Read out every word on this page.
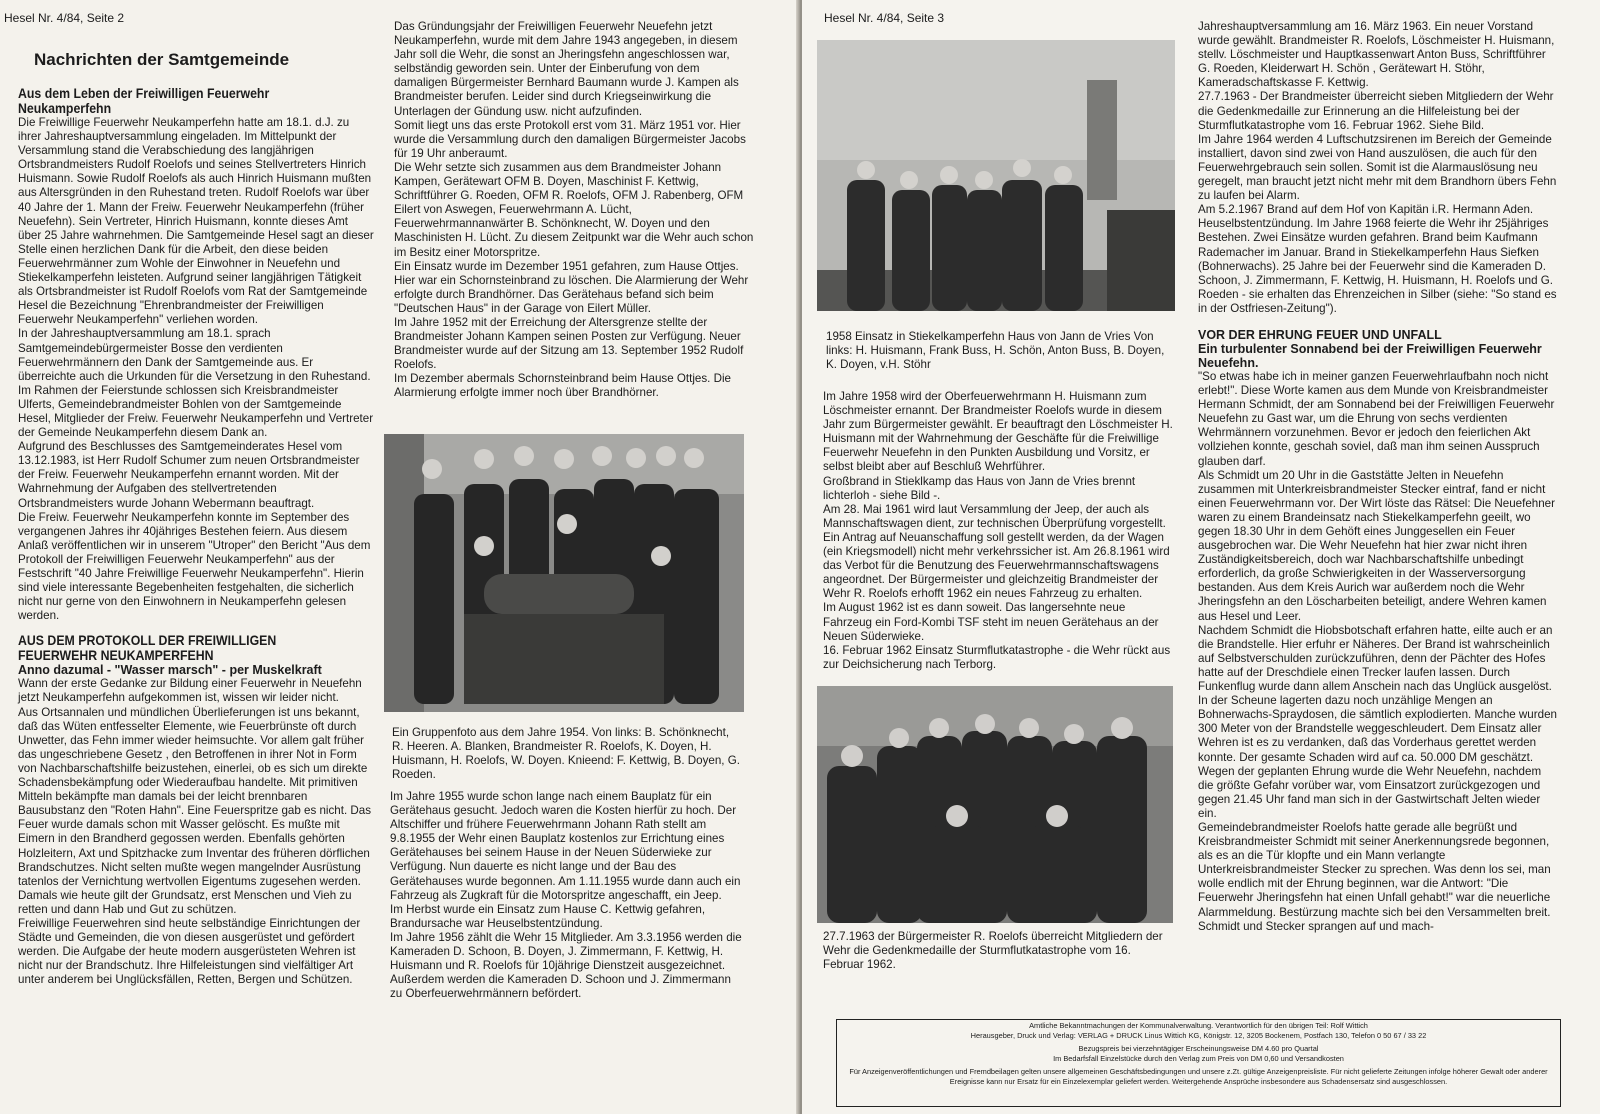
Hesel Nr. 4/84, Seite 2
Nachrichten der Samtgemeinde
Aus dem Leben der Freiwilligen Feuerwehr Neukamperfehn

Die Freiwillige Feuerwehr Neukamperfehn hatte am 18.1. d.J. zu ihrer Jahreshauptversammlung eingeladen. Im Mittelpunkt der Versammlung stand die Verabschiedung des langjährigen Ortsbrandmeisters Rudolf Roelofs und seines Stellvertreters Hinrich Huismann. Sowie Rudolf Roelofs als auch Hinrich Huismann mußten aus Altersgründen in den Ruhestand treten. Rudolf Roelofs war über 40 Jahre der 1. Mann der Freiw. Feuerwehr Neukamperfehn (früher Neuefehn). Sein Vertreter, Hinrich Huismann, konnte dieses Amt über 25 Jahre wahrnehmen. Die Samtgemeinde Hesel sagt an dieser Stelle einen herzlichen Dank für die Arbeit, den diese beiden Feuerwehrmänner zum Wohle der Einwohner in Neuefehn und Stiekelkamperfehn leisteten. Aufgrund seiner langjährigen Tätigkeit als Ortsbrandmeister ist Rudolf Roelofs vom Rat der Samtgemeinde Hesel die Bezeichnung "Ehrenbrandmeister der Freiwilligen Feuerwehr Neukamperfehn" verliehen worden.

In der Jahreshauptversammlung am 18.1. sprach Samtgemeindebürgermeister Bosse den verdienten Feuerwehrmännern den Dank der Samtgemeinde aus. Er überreichte auch die Urkunden für die Versetzung in den Ruhestand. Im Rahmen der Feierstunde schlossen sich Kreisbrandmeister Ulferts, Gemeindebrandmeister Bohlen von der Samtgemeinde Hesel, Mitglieder der Freiw. Feuerwehr Neukamperfehn und Vertreter der Gemeinde Neukamperfehn diesem Dank an.

Aufgrund des Beschlusses des Samtgemeinderates Hesel vom 13.12.1983, ist Herr Rudolf Schumer zum neuen Ortsbrandmeister der Freiw. Feuerwehr Neukamperfehn ernannt worden. Mit der Wahrnehmung der Aufgaben des stellvertretenden Ortsbrandmeisters wurde Johann Webermann beauftragt.

Die Freiw. Feuerwehr Neukamperfehn konnte im September des vergangenen Jahres ihr 40jähriges Bestehen feiern. Aus diesem Anlaß veröffentlichen wir in unserem "Utroper" den Bericht "Aus dem Protokoll der Freiwilligen Feuerwehr Neukamperfehn" aus der Festschrift "40 Jahre Freiwillige Feuerwehr Neukamperfehn". Hierin sind viele interessante Begebenheiten festgehalten, die sicherlich nicht nur gerne von den Einwohnern in Neukamperfehn gelesen werden.

AUS DEM PROTOKOLL DER FREIWILLIGEN FEUERWEHR NEUKAMPERFEHN
Anno dazumal - "Wasser marsch" - per Muskelkraft

Wann der erste Gedanke zur Bildung einer Feuerwehr in Neuefehn jetzt Neukamperfehn aufgekommen ist, wissen wir leider nicht.

Aus Ortsannalen und mündlichen Überlieferungen ist uns bekannt, daß das Wüten entfesselter Elemente, wie Feuerbrünste oft durch Unwetter, das Fehn immer wieder heimsuchte. Vor allem galt früher das ungeschriebene Gesetz , den Betroffenen in ihrer Not in Form von Nachbarschaftshilfe beizustehen, einerlei, ob es sich um direkte Schadensbekämpfung oder Wiederaufbau handelte. Mit primitiven Mitteln bekämpfte man damals bei der leicht brennbaren Bausubstanz den "Roten Hahn". Eine Feuerspritze gab es nicht. Das Feuer wurde damals schon mit Wasser gelöscht. Es mußte mit Eimern in den Brandherd gegossen werden. Ebenfalls gehörten Holzleitern, Axt und Spitzhacke zum Inventar des früheren dörflichen Brandschutzes. Nicht selten mußte wegen mangelnder Ausrüstung tatenlos der Vernichtung wertvollen Eigentums zugesehen werden. Damals wie heute gilt der Grundsatz, erst Menschen und Vieh zu retten und dann Hab und Gut zu schützen.

Freiwillige Feuerwehren sind heute selbständige Einrichtungen der Städte und Gemeinden, die von diesen ausgerüstet und gefördert werden. Die Aufgabe der heute modern ausgerüsteten Wehren ist nicht nur der Brandschutz. Ihre Hilfeleistungen sind vielfältiger Art unter anderem bei Unglücksfällen, Retten, Bergen und Schützen.

Das Gründungsjahr der Freiwilligen Feuerwehr Neuefehn jetzt Neukamperfehn, wurde mit dem Jahre 1943 angegeben, in diesem Jahr soll die Wehr, die sonst an Jheringsfehn angeschlossen war, selbständig geworden sein. Unter der Einberufung von dem damaligen Bürgermeister Bernhard Baumann wurde J. Kampen als Brandmeister berufen. Leider sind durch Kriegseinwirkung die Unterlagen der Gündung usw. nicht aufzufinden.

Somit liegt uns das erste Protokoll erst vom 31. März 1951 vor. Hier wurde die Versammlung durch den damaligen Bürgermeister Jacobs für 19 Uhr anberaumt.

Die Wehr setzte sich zusammen aus dem Brandmeister Johann Kampen, Gerätewart OFM B. Doyen, Maschinist F. Kettwig, Schriftführer G. Roeden, OFM R. Roelofs, OFM J. Rabenberg, OFM Eilert von Aswegen, Feuerwehrmann A. Lücht, Feuerwehrmannanwärter B. Schönknecht, W. Doyen und den Maschinisten H. Lücht. Zu diesem Zeitpunkt war die Wehr auch schon im Besitz einer Motorspritze.

Ein Einsatz wurde im Dezember 1951 gefahren, zum Hause Ottjes. Hier war ein Schornsteinbrand zu löschen. Die Alarmierung der Wehr erfolgte durch Brandhörner. Das Gerätehaus befand sich beim "Deutschen Haus" in der Garage von Eilert Müller.

Im Jahre 1952 mit der Erreichung der Altersgrenze stellte der Brandmeister Johann Kampen seinen Posten zur Verfügung. Neuer Brandmeister wurde auf der Sitzung am 13. September 1952 Rudolf Roelofs.

Im Dezember abermals Schornsteinbrand beim Hause Ottjes. Die Alarmierung erfolgte immer noch über Brandhörner.

Ein Gruppenfoto aus dem Jahre 1954. Von links: B. Schönknecht, R. Heeren. A. Blanken, Brandmeister R. Roelofs, K. Doyen, H. Huismann, H. Roelofs, W. Doyen. Knieend: F. Kettwig, B. Doyen, G. Roeden.

Im Jahre 1955 wurde schon lange nach einem Bauplatz für ein Gerätehaus gesucht. Jedoch waren die Kosten hierfür zu hoch. Der Altschiffer und frühere Feuerwehrmann Johann Rath stellt am 9.8.1955 der Wehr einen Bauplatz kostenlos zur Errichtung eines Gerätehauses bei seinem Hause in der Neuen Süderwieke zur Verfügung. Nun dauerte es nicht lange und der Bau des Gerätehauses wurde begonnen. Am 1.11.1955 wurde dann auch ein Fahrzeug als Zugkraft für die Motorspritze angeschafft, ein Jeep.

Im Herbst wurde ein Einsatz zum Hause C. Kettwig gefahren, Brandursache war Heuselbstentzündung.

Im Jahre 1956 zählt die Wehr 15 Mitglieder. Am 3.3.1956 werden die Kameraden D. Schoon, B. Doyen, J. Zimmermann, F. Kettwig, H. Huismann und R. Roelofs für 10jährige Dienstzeit ausgezeichnet. Außerdem werden die Kameraden D. Schoon und J. Zimmermann zu Oberfeuerwehrmännern befördert.

Hesel Nr. 4/84, Seite 3
1958 Einsatz in Stiekelkamperfehn Haus von Jann de Vries Von links: H. Huismann, Frank Buss, H. Schön, Anton Buss, B. Doyen, K. Doyen, v.H. Stöhr

Im Jahre 1958 wird der Oberfeuerwehrmann H. Huismann zum Löschmeister ernannt. Der Brandmeister Roelofs wurde in diesem Jahr zum Bürgermeister gewählt. Er beauftragt den Löschmeister H. Huismann mit der Wahrnehmung der Geschäfte für die Freiwillige Feuerwehr Neuefehn in den Punkten Ausbildung und Vorsitz, er selbst bleibt aber auf Beschluß Wehrführer.

Großbrand in Stieklkamp das Haus von Jann de Vries brennt lichterloh - siehe Bild -.

Am 28. Mai 1961 wird laut Versammlung der Jeep, der auch als Mannschaftswagen dient, zur technischen Überprüfung vorgestellt. Ein Antrag auf Neuanschaffung soll gestellt werden, da der Wagen (ein Kriegsmodell) nicht mehr verkehrssicher ist. Am 26.8.1961 wird das Verbot für die Benutzung des Feuerwehrmannschaftswagens angeordnet. Der Bürgermeister und gleichzeitig Brandmeister der Wehr R. Roelofs erhofft 1962 ein neues Fahrzeug zu erhalten.

Im August 1962 ist es dann soweit. Das langersehnte neue Fahrzeug ein Ford-Kombi TSF steht im neuen Gerätehaus an der Neuen Süderwieke.

16. Februar 1962 Einsatz Sturmflutkatastrophe - die Wehr rückt aus zur Deichsicherung nach Terborg.

27.7.1963 der Bürgermeister R. Roelofs überreicht Mitgliedern der Wehr die Gedenkmedaille der Sturmflutkatastrophe vom 16. Februar 1962.

Jahreshauptversammlung am 16. März 1963. Ein neuer Vorstand wurde gewählt. Brandmeister R. Roelofs, Löschmeister H. Huismann, stellv. Löschmeister und Hauptkassenwart Anton Buss, Schriftführer G. Roeden, Kleiderwart H. Schön , Gerätewart H. Stöhr, Kameradschaftskasse F. Kettwig.

27.7.1963 - Der Brandmeister überreicht sieben Mitgliedern der Wehr die Gedenkmedaille zur Erinnerung an die Hilfeleistung bei der Sturmflutkatastrophe vom 16. Februar 1962. Siehe Bild.

Im Jahre 1964 werden 4 Luftschutzsirenen im Bereich der Gemeinde installiert, davon sind zwei von Hand auszulösen, die auch für den Feuerwehrgebrauch sein sollen. Somit ist die Alarmauslösung neu geregelt, man braucht jetzt nicht mehr mit dem Brandhorn übers Fehn zu laufen bei Alarm.

Am 5.2.1967 Brand auf dem Hof von Kapitän i.R. Hermann Aden. Heuselbstentzündung. Im Jahre 1968 feierte die Wehr ihr 25jähriges Bestehen. Zwei Einsätze wurden gefahren. Brand beim Kaufmann Rademacher im Januar. Brand in Stiekelkamperfehn Haus Siefken (Bohnerwachs). 25 Jahre bei der Feuerwehr sind die Kameraden D. Schoon, J. Zimmermann, F. Kettwig, H. Huismann, H. Roelofs und G. Roeden - sie erhalten das Ehrenzeichen in Silber (siehe: "So stand es in der Ostfriesen-Zeitung").

VOR DER EHRUNG FEUER UND UNFALL
Ein turbulenter Sonnabend bei der Freiwilligen Feuerwehr Neuefehn.

"So etwas habe ich in meiner ganzen Feuerwehrlaufbahn noch nicht erlebt!". Diese Worte kamen aus dem Munde von Kreisbrandmeister Hermann Schmidt, der am Sonnabend bei der Freiwilligen Feuerwehr Neuefehn zu Gast war, um die Ehrung von sechs verdienten Wehrmännern vorzunehmen. Bevor er jedoch den feierlichen Akt vollziehen konnte, geschah soviel, daß man ihm seinen Ausspruch glauben darf.

Als Schmidt um 20 Uhr in die Gaststätte Jelten in Neuefehn zusammen mit Unterkreisbrandmeister Stecker eintraf, fand er nicht einen Feuerwehrmann vor. Der Wirt löste das Rätsel: Die Neuefehner waren zu einem Brandeinsatz nach Stiekelkamperfehn geeilt, wo gegen 18.30 Uhr in dem Gehöft eines Junggesellen ein Feuer ausgebrochen war. Die Wehr Neuefehn hat hier zwar nicht ihren Zuständigkeitsbereich, doch war Nachbarschaftshilfe unbedingt erforderlich, da große Schwierigkeiten in der Wasserversorgung bestanden. Aus dem Kreis Aurich war außerdem noch die Wehr Jheringsfehn an den Löscharbeiten beteiligt, andere Wehren kamen aus Hesel und Leer.

Nachdem Schmidt die Hiobsbotschaft erfahren hatte, eilte auch er an die Brandstelle. Hier erfuhr er Näheres. Der Brand ist wahrscheinlich auf Selbstverschulden zurückzuführen, denn der Pächter des Hofes hatte auf der Dreschdiele einen Trecker laufen lassen. Durch Funkenflug wurde dann allem Anschein nach das Unglück ausgelöst. In der Scheune lagerten dazu noch unzählige Mengen an Bohnerwachs-Spraydosen, die sämtlich explodierten. Manche wurden 300 Meter von der Brandstelle weggeschleudert. Dem Einsatz aller Wehren ist es zu verdanken, daß das Vorderhaus gerettet werden konnte. Der gesamte Schaden wird auf ca. 50.000 DM geschätzt.

Wegen der geplanten Ehrung wurde die Wehr Neuefehn, nachdem die größte Gefahr vorüber war, vom Einsatzort zurückgezogen und gegen 21.45 Uhr fand man sich in der Gastwirtschaft Jelten wieder ein.

Gemeindebrandmeister Roelofs hatte gerade alle begrüßt und Kreisbrandmeister Schmidt mit seiner Anerkennungsrede begonnen, als es an die Tür klopfte und ein Mann verlangte Unterkreisbrandmeister Stecker zu sprechen. Was denn los sei, man wolle endlich mit der Ehrung beginnen, war die Antwort: "Die Feuerwehr Jheringsfehn hat einen Unfall gehabt!" war die neuerliche Alarmmeldung. Bestürzung machte sich bei den Versammelten breit. Schmidt und Stecker sprangen auf und mach-

Amtliche Bekanntmachungen der Kommunalverwaltung. Verantwortlich für den übrigen Teil: Rolf Wittich

Herausgeber, Druck und Verlag: VERLAG + DRUCK Linus Wittich KG, Königstr. 12, 3205 Bockenem, Postfach 130, Telefon 0 50 67 / 33 22

Bezugspreis bei vierzehntägiger Erscheinungsweise DM 4.60 pro Quartal

Im Bedarfsfall Einzelstücke durch den Verlag zum Preis von DM 0,60 und Versandkosten

Für Anzeigenveröffentlichungen und Fremdbeilagen gelten unsere allgemeinen Geschäftsbedingungen und unsere z.Zt. gültige Anzeigenpreisliste. Für nicht gelieferte Zeitungen infolge höherer Gewalt oder anderer Ereignisse kann nur Ersatz für ein Einzelexemplar geliefert werden. Weitergehende Ansprüche insbesondere aus Schadensersatz sind ausgeschlossen.
